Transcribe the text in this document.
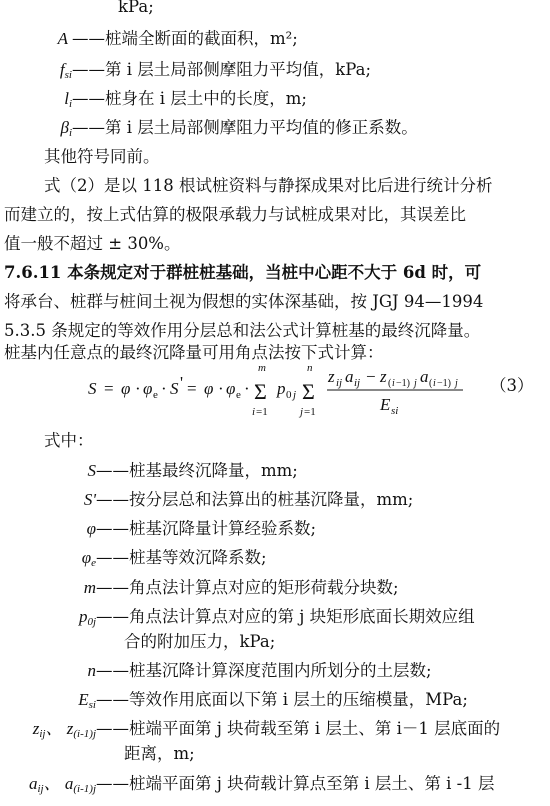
kPa;
A ——桩端全断面的截面积，m²;
$f_{si}$ ——第 i 层土局部侧摩阻力平均值，kPa;
$l_i$ ——桩身在 i 层土中的长度，m;
$\beta_i$ ——第 i 层土局部侧摩阻力平均值的修正系数。
其他符号同前。
式（2）是以 118 根试桩资料与静探成果对比后进行统计分析
而建立的，按上式估算的极限承载力与试桩成果对比，其误差比
值一般不超过 ± 30%。
7.6.11 本条规定对于群桩桩基础，当桩中心距不大于 6d 时，可
将承台、桩群与桩间土视为假想的实体深基础，按 JGJ 94—1994
5.3.5 条规定的等效作用分层总和法公式计算桩基的最终沉降量。
桩基内任意点的最终沉降量可用角点法按下式计算：
S = φ · φ e · S ' = φ · φ e ·
m
Σ
i =1
p 0 j
n
Σ
j =1
z ij a ij − z ( i −1) j a ( i −1) j
E si
（3）
式中：
S ——桩基最终沉降量，mm;
S' ——按分层总和法算出的桩基沉降量，mm;
φ ——桩基沉降量计算经验系数;
$\varphi_e$ ——桩基等效沉降系数;
m ——角点法计算点对应的矩形荷载分块数;
$p_{0j}$ ——角点法计算点对应的第 j 块矩形底面长期效应组
合的附加压力，kPa;
n ——桩基沉降计算深度范围内所划分的土层数;
$E_{si}$ ——等效作用底面以下第 i 层土的压缩模量，MPa;
$z_{ij}$、 $z_{(i-1)j}$ ——桩端平面第 j 块荷载至第 i 层土、第 i－1 层底面的
距离，m;
$a_{ij}$、 $a_{(i-1)j}$ ——桩端平面第 j 块荷载计算点至第 i 层土、第 i -1 层
